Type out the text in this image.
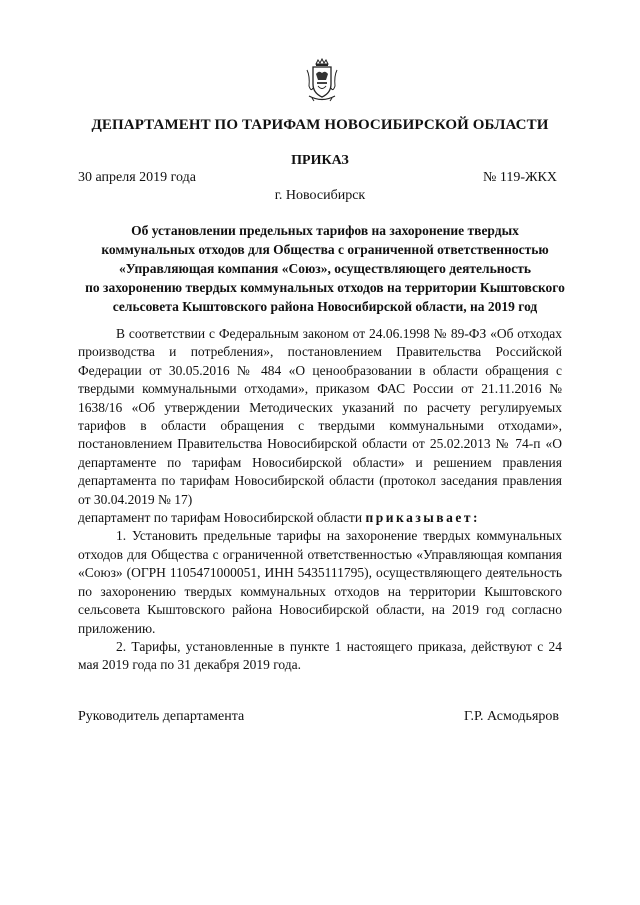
ДЕПАРТАМЕНТ ПО ТАРИФАМ НОВОСИБИРСКОЙ ОБЛАСТИ
ПРИКАЗ
30 апреля 2019 года	№ 119-ЖКХ
г. Новосибирск
Об установлении предельных тарифов на захоронение твердых
коммунальных отходов для Общества с ограниченной ответственностью
«Управляющая компания «Союз», осуществляющего деятельность
по захоронению твердых коммунальных отходов на территории Кыштовского
сельсовета Кыштовского района Новосибирской области, на 2019 год

В соответствии с Федеральным законом от 24.06.1998 № 89-ФЗ «Об отходах производства и потребления», постановлением Правительства Российской Федерации от 30.05.2016 № 484 «О ценообразовании в области обращения с твердыми коммунальными отходами», приказом ФАС России от 21.11.2016 № 1638/16 «Об утверждении Методических указаний по расчету регулируемых тарифов в области обращения с твердыми коммунальными отходами», постановлением Правительства Новосибирской области от 25.02.2013 № 74-п «О департаменте по тарифам Новосибирской области» и решением правления департамента по тарифам Новосибирской области (протокол заседания правления от 30.04.2019 № 17)

департамент по тарифам Новосибирской области приказывает:

1. Установить предельные тарифы на захоронение твердых коммунальных отходов для Общества с ограниченной ответственностью «Управляющая компания «Союз» (ОГРН 1105471000051, ИНН 5435111795), осуществляющего деятельность по захоронению твердых коммунальных отходов на территории Кыштовского сельсовета Кыштовского района Новосибирской области, на 2019 год согласно приложению.

2. Тарифы, установленные в пункте 1 настоящего приказа, действуют с 24 мая 2019 года по 31 декабря 2019 года.

Руководитель департамента	Г.Р. Асмодьяров
